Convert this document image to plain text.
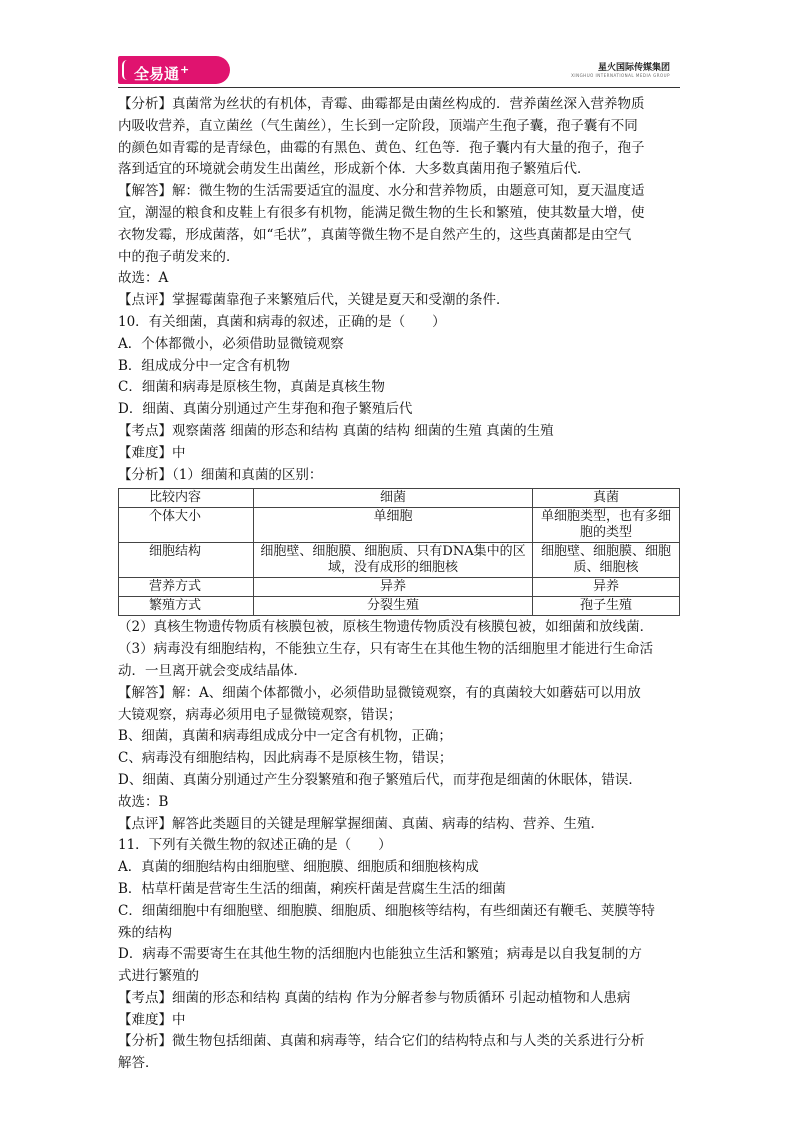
全易通+	星火国际传媒集团
XINGHUO INTERNATIONAL MEDIA GROUP

【分析】真菌常为丝状的有机体，青霉、曲霉都是由菌丝构成的．营养菌丝深入营养物质

内吸收营养，直立菌丝（气生菌丝），生长到一定阶段，顶端产生孢子囊，孢子囊有不同

的颜色如青霉的是青绿色，曲霉的有黑色、黄色、红色等．孢子囊内有大量的孢子，孢子

落到适宜的环境就会萌发生出菌丝，形成新个体．大多数真菌用孢子繁殖后代．

【解答】解：微生物的生活需要适宜的温度、水分和营养物质，由题意可知，夏天温度适

宜，潮湿的粮食和皮鞋上有很多有机物，能满足微生物的生长和繁殖，使其数量大增，使

衣物发霉，形成菌落，如“毛状”，真菌等微生物不是自然产生的，这些真菌都是由空气

中的孢子萌发来的．

故选：A

【点评】掌握霉菌靠孢子来繁殖后代，关键是夏天和受潮的条件．

10．有关细菌，真菌和病毒的叙述，正确的是（　　）

A．个体都微小，必须借助显微镜观察

B．组成成分中一定含有机物

C．细菌和病毒是原核生物，真菌是真核生物

D．细菌、真菌分别通过产生芽孢和孢子繁殖后代

【考点】观察菌落 细菌的形态和结构 真菌的结构 细菌的生殖 真菌的生殖

【难度】中

【分析】（1）细菌和真菌的区别：

比较内容	细菌	真菌
个体大小	单细胞	单细胞类型，也有多细胞的类型
细胞结构	细胞壁、细胞膜、细胞质、只有DNA集中的区域，没有成形的细胞核	细胞壁、细胞膜、细胞质、细胞核
营养方式	异养	异养
繁殖方式	分裂生殖	孢子生殖

（2）真核生物遗传物质有核膜包被，原核生物遗传物质没有核膜包被，如细菌和放线菌．

（3）病毒没有细胞结构，不能独立生存，只有寄生在其他生物的活细胞里才能进行生命活

动．一旦离开就会变成结晶体．

【解答】解：A、细菌个体都微小，必须借助显微镜观察，有的真菌较大如蘑菇可以用放

大镜观察，病毒必须用电子显微镜观察，错误；

B、细菌，真菌和病毒组成成分中一定含有机物，正确；

C、病毒没有细胞结构，因此病毒不是原核生物，错误；

D、细菌、真菌分别通过产生分裂繁殖和孢子繁殖后代，而芽孢是细菌的休眠体，错误．

故选：B

【点评】解答此类题目的关键是理解掌握细菌、真菌、病毒的结构、营养、生殖．

11．下列有关微生物的叙述正确的是（　　）

A．真菌的细胞结构由细胞壁、细胞膜、细胞质和细胞核构成

B．枯草杆菌是营寄生生活的细菌，痢疾杆菌是营腐生生活的细菌

C．细菌细胞中有细胞壁、细胞膜、细胞质、细胞核等结构，有些细菌还有鞭毛、荚膜等特

殊的结构

D．病毒不需要寄生在其他生物的活细胞内也能独立生活和繁殖；病毒是以自我复制的方

式进行繁殖的

【考点】细菌的形态和结构 真菌的结构 作为分解者参与物质循环 引起动植物和人患病

【难度】中

【分析】微生物包括细菌、真菌和病毒等，结合它们的结构特点和与人类的关系进行分析

解答．
